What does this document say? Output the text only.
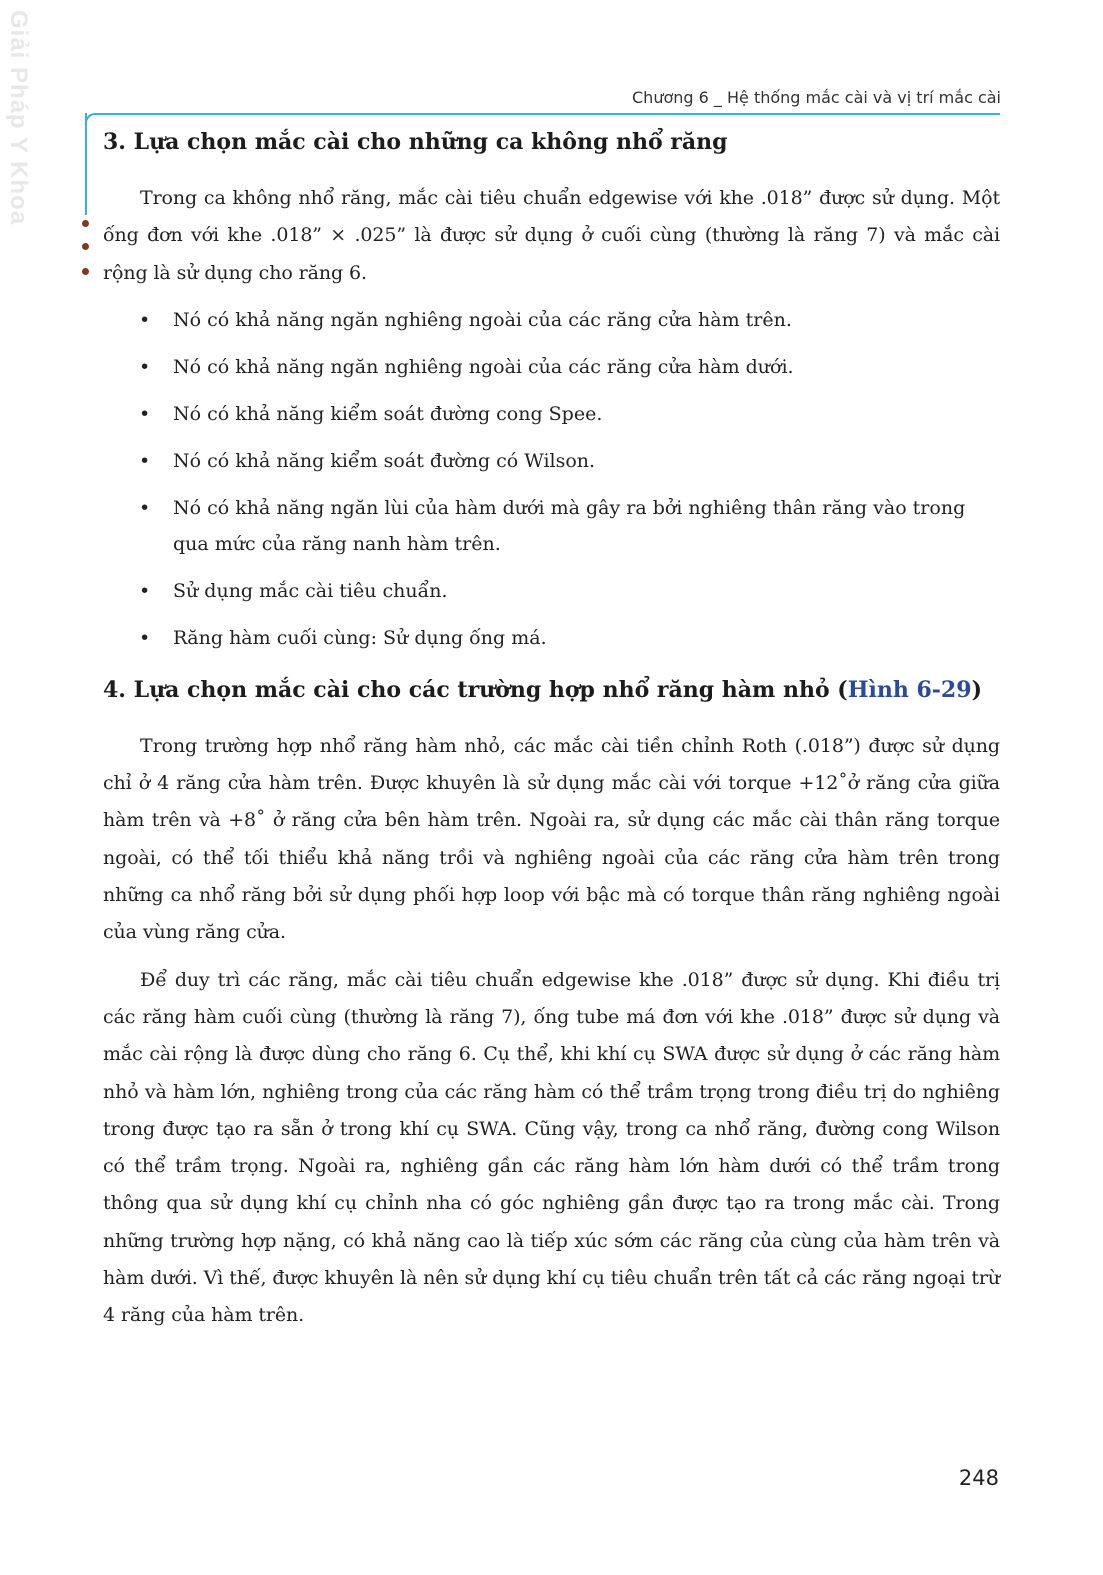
Giải Pháp Y Khoa	Chương 6 _ Hệ thống mắc cài và vị trí mắc cài
3. Lựa chọn mắc cài cho những ca không nhổ răng

Trong ca không nhổ răng, mắc cài tiêu chuẩn edgewise với khe .018” được sử dụng. Một ống đơn với khe .018” × .025” là được sử dụng ở cuối cùng (thường là răng 7) và mắc cài rộng là sử dụng cho răng 6.

• Nó có khả năng ngăn nghiêng ngoài của các răng cửa hàm trên.
• Nó có khả năng ngăn nghiêng ngoài của các răng cửa hàm dưới.
• Nó có khả năng kiểm soát đường cong Spee.
• Nó có khả năng kiểm soát đường có Wilson.
• Nó có khả năng ngăn lùi của hàm dưới mà gây ra bởi nghiêng thân răng vào trong qua mức của răng nanh hàm trên.
• Sử dụng mắc cài tiêu chuẩn.
• Răng hàm cuối cùng: Sử dụng ống má.
4. Lựa chọn mắc cài cho các trường hợp nhổ răng hàm nhỏ (Hình 6-29)

Trong trường hợp nhổ răng hàm nhỏ, các mắc cài tiền chỉnh Roth (.018”) được sử dụng chỉ ở 4 răng cửa hàm trên. Được khuyên là sử dụng mắc cài với torque +12˚ở răng cửa giữa hàm trên và +8˚ ở răng cửa bên hàm trên. Ngoài ra, sử dụng các mắc cài thân răng torque ngoài, có thể tối thiểu khả năng trồi và nghiêng ngoài của các răng cửa hàm trên trong những ca nhổ răng bởi sử dụng phối hợp loop với bậc mà có torque thân răng nghiêng ngoài của vùng răng cửa.

Để duy trì các răng, mắc cài tiêu chuẩn edgewise khe .018” được sử dụng. Khi điều trị các răng hàm cuối cùng (thường là răng 7), ống tube má đơn với khe .018” được sử dụng và mắc cài rộng là được dùng cho răng 6. Cụ thể, khi khí cụ SWA được sử dụng ở các răng hàm nhỏ và hàm lớn, nghiêng trong của các răng hàm có thể trầm trọng trong điều trị do nghiêng trong được tạo ra sẵn ở trong khí cụ SWA. Cũng vậy, trong ca nhổ răng, đường cong Wilson có thể trầm trọng. Ngoài ra, nghiêng gần các răng hàm lớn hàm dưới có thể trầm trong thông qua sử dụng khí cụ chỉnh nha có góc nghiêng gần được tạo ra trong mắc cài. Trong những trường hợp nặng, có khả năng cao là tiếp xúc sớm các răng của cùng của hàm trên và hàm dưới. Vì thế, được khuyên là nên sử dụng khí cụ tiêu chuẩn trên tất cả các răng ngoại trừ 4 răng của hàm trên.

248
